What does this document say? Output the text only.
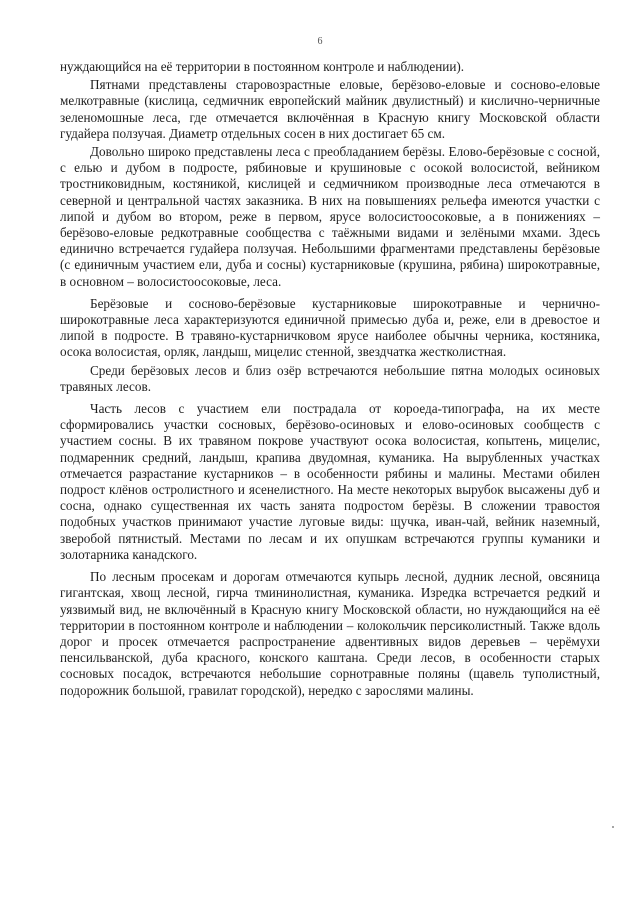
6

нуждающийся на её территории в постоянном контроле и наблюдении).

Пятнами представлены старовозрастные еловые, берёзово-еловые и сосново-еловые мелкотравные (кислица, седмичник европейский майник двулистный) и кислично-черничные зеленомошные леса, где отмечается включённая в Красную книгу Московской области гудайера ползучая. Диаметр отдельных сосен в них достигает 65 см.

Довольно широко представлены леса с преобладанием берёзы. Елово-берёзовые с сосной, с елью и дубом в подросте, рябиновые и крушиновые с осокой волосистой, вейником тростниковидным, костяникой, кислицей и седмичником производные леса отмечаются в северной и центральной частях заказника. В них на повышениях рельефа имеются участки с липой и дубом во втором, реже в первом, ярусе волосистоосоковые, а в понижениях – берёзово-еловые редкотравные сообщества с таёжными видами и зелёными мхами. Здесь единично встречается гудайера ползучая. Небольшими фрагментами представлены берёзовые (с единичным участием ели, дуба и сосны) кустарниковые (крушина, рябина) широкотравные, в основном – волосистоосоковые, леса.

Берёзовые и сосново-берёзовые кустарниковые широкотравные и чернично-широкотравные леса характеризуются единичной примесью дуба и, реже, ели в древостое и липой в подросте. В травяно-кустарничковом ярусе наиболее обычны черника, костяника, осока волосистая, орляк, ландыш, мицелис стенной, звездчатка жестколистная.

Среди берёзовых лесов и близ озёр встречаются небольшие пятна молодых осиновых травяных лесов.

Часть лесов с участием ели пострадала от короеда-типографа, на их месте сформировались участки сосновых, берёзово-осиновых и елово-осиновых сообществ с участием сосны. В их травяном покрове участвуют осока волосистая, копытень, мицелис, подмаренник средний, ландыш, крапива двудомная, куманика. На вырубленных участках отмечается разрастание кустарников – в особенности рябины и малины. Местами обилен подрост клёнов остролистного и ясенелистного. На месте некоторых вырубок высажены дуб и сосна, однако существенная их часть занята подростом берёзы. В сложении травостоя подобных участков принимают участие луговые виды: щучка, иван-чай, вейник наземный, зверобой пятнистый. Местами по лесам и их опушкам встречаются группы куманики и золотарника канадского.

По лесным просекам и дорогам отмечаются купырь лесной, дудник лесной, овсяница гигантская, хвощ лесной, гирча тмининолистная, куманика. Изредка встречается редкий и уязвимый вид, не включённый в Красную книгу Московской области, но нуждающийся на её территории в постоянном контроле и наблюдении – колокольчик персиколистный. Также вдоль дорог и просек отмечается распространение адвентивных видов деревьев – черёмухи пенсильванской, дуба красного, конского каштана. Среди лесов, в особенности старых сосновых посадок, встречаются небольшие сорнотравные поляны (щавель туполистный, подорожник большой, гравилат городской), нередко с зарослями малины.
